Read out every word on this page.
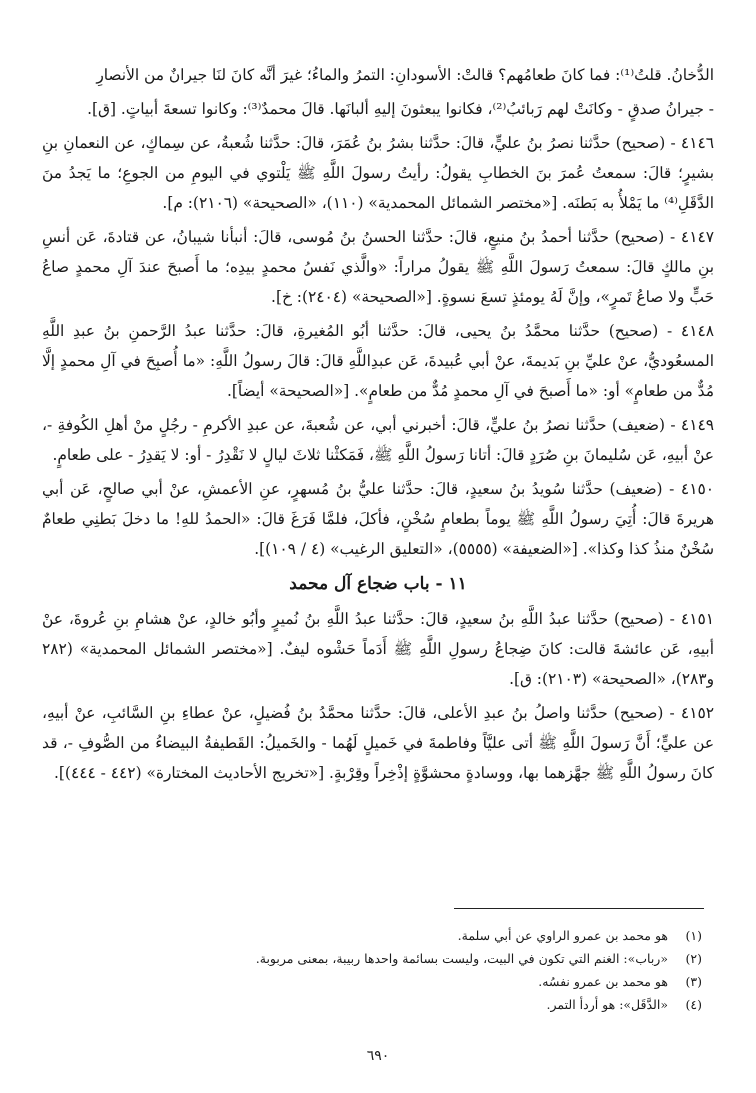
الدُّخانُ. قلتُ⁽¹⁾: فما كانَ طعامُهم؟ قالتْ: الأسودانِ: التمرُ والماءُ؛ غيرَ أنَّه كانَ لنَا جيرانٌ من الأنصارِ

- جيرانُ صدقٍ - وكانَتْ لهم رَبائبُ⁽²⁾، فكانوا يبعثونَ إليهِ ألبانَها. قالَ محمدٌ⁽³⁾: وكانوا تسعةَ أبياتٍ. [ق].

٤١٤٦ - (صحيح) حدَّثنا نصرُ بنُ عليٍّ، قالَ: حدَّثنا بشرُ بنُ عُمَرَ، قالَ: حدَّثنا شُعبةُ، عن سِماكٍ، عن النعمانِ بنِ بشيرٍ؛ قالَ: سمعتُ عُمرَ بنَ الخطابِ يقولُ: رأيتُ رسولَ اللَّهِ ﷺ يَلْتوي في اليومِ من الجوعِ؛ ما يَجدُ منَ الدَّقَلِ⁽⁴⁾ ما يَمْلأُ به بَطنَه. [«مختصر الشمائل المحمدية» (١١٠)، «الصحيحة» (٢١٠٦): م].

٤١٤٧ - (صحيح) حدَّثنا أحمدُ بنُ منيعٍ، قالَ: حدَّثنا الحسنُ بنُ مُوسى، قالَ: أنبأنا شيبانُ، عن قتادةَ، عَن أنسِ بنِ مالكٍ قالَ: سمعتُ رَسولَ اللَّهِ ﷺ يقولُ مراراً: «والَّذي نَفسُ محمدٍ بيدِه؛ ما أَصبحَ عندَ آلِ محمدٍ صاعُ حَبٍّ ولا صاعُ تَمرٍ»، وإنَّ لَهُ يومئذٍ تسعَ نسوةٍ. [«الصحيحة» (٢٤٠٤): خ].

٤١٤٨ - (صحيح) حدَّثنا محمَّدُ بنُ يحيى، قالَ: حدَّثنا أبُو المُغيرةِ، قالَ: حدَّثنا عبدُ الرَّحمنِ بنُ عبدِ اللَّهِ المسعُوديُّ، عنْ عليِّ بنِ بَديمةَ، عنْ أبي عُبيدةَ، عَن عبدِاللَّهِ قالَ: قالَ رسولُ اللَّهِ: «ما أُصبِحَ في آلِ محمدٍ إلَّا مُدٌّ من طعامٍ» أو: «ما أَصبحَ في آلِ محمدٍ مُدٌّ من طعامٍ». [«الصحيحة» أيضاً].

٤١٤٩ - (ضعيف) حدَّثنا نصرُ بنُ عليٍّ، قالَ: أخبرني أبي، عن شُعبةَ، عن عبدِ الأكرمِ - رجُلٍ منْ أهلِ الكُوفةِ -، عنْ أبيهِ، عَن سُليمانَ بنِ صُرَدٍ قالَ: أتانا رَسولُ اللَّهِ ﷺ، فَمَكثْنا ثلاثَ ليالٍ لا نَقْدِرُ - أو: لا يَقدِرُ - على طعامٍ.

٤١٥٠ - (ضعيف) حدَّثنا سُويدُ بنُ سعيدٍ، قالَ: حدَّثنا عليُّ بنُ مُسهرٍ، عنِ الأعمشِ، عنْ أبي صالحٍ، عَن أبي هريرةَ قالَ: أُتِيَ رسولُ اللَّهِ ﷺ يوماً بطعامٍ سُخْنٍ، فأكلَ، فلمَّا فَرَغَ قالَ: «الحمدُ للهِ! ما دخلَ بَطنِي طعامٌ سُخْنٌ منذُ كذا وكذا». [«الضعيفة» (٥٥٥٥)، «التعليق الرغيب» (٤ / ١٠٩)].

١١ - باب ضجاع آل محمد

٤١٥١ - (صحيح) حدَّثنا عبدُ اللَّهِ بنُ سعيدٍ، قالَ: حدَّثنا عبدُ اللَّهِ بنُ نُميرٍ وأبُو خالدٍ، عنْ هشامِ بنِ عُروةَ، عنْ أبيهِ، عَن عائشةَ قالت: كانَ ضِجاعُ رسولِ اللَّهِ ﷺ أَدَماً حَشْوه ليفٌ. [«مختصر الشمائل المحمدية» (٢٨٢ و٢٨٣)، «الصحيحة» (٢١٠٣): ق].

٤١٥٢ - (صحيح) حدَّثنا واصلُ بنُ عبدِ الأعلى، قالَ: حدَّثنا محمَّدُ بنُ فُضيلٍ، عنْ عطاءِ بنِ السَّائبِ، عنْ أبيهِ، عن عليٍّ؛ أَنَّ رَسولَ اللَّهِ ﷺ أتى عليَّاً وفاطمةَ في خَميلٍ لَهُما - والخَميلُ: القَطيفةُ البيضاءُ من الصُّوفِ -، قد كانَ رسولُ اللَّهِ ﷺ جهَّزهما بها، ووسادةٍ محشوَّةٍ إذْخِراً وقِرْبةٍ. [«تخريج الأحاديث المختارة» (٤٤٢ - ٤٤٤)].

(١)هو محمد بن عمرو الراوي عن أبي سلمة.
(٢)«رباب»: الغنم التي تكون في البيت، وليست بسائمة واحدها ربيبة، بمعنى مربوبة.
(٣)هو محمد بن عمرو نفسُه.
(٤)«الدَّقَل»: هو أردأ التمر.
٦٩٠
